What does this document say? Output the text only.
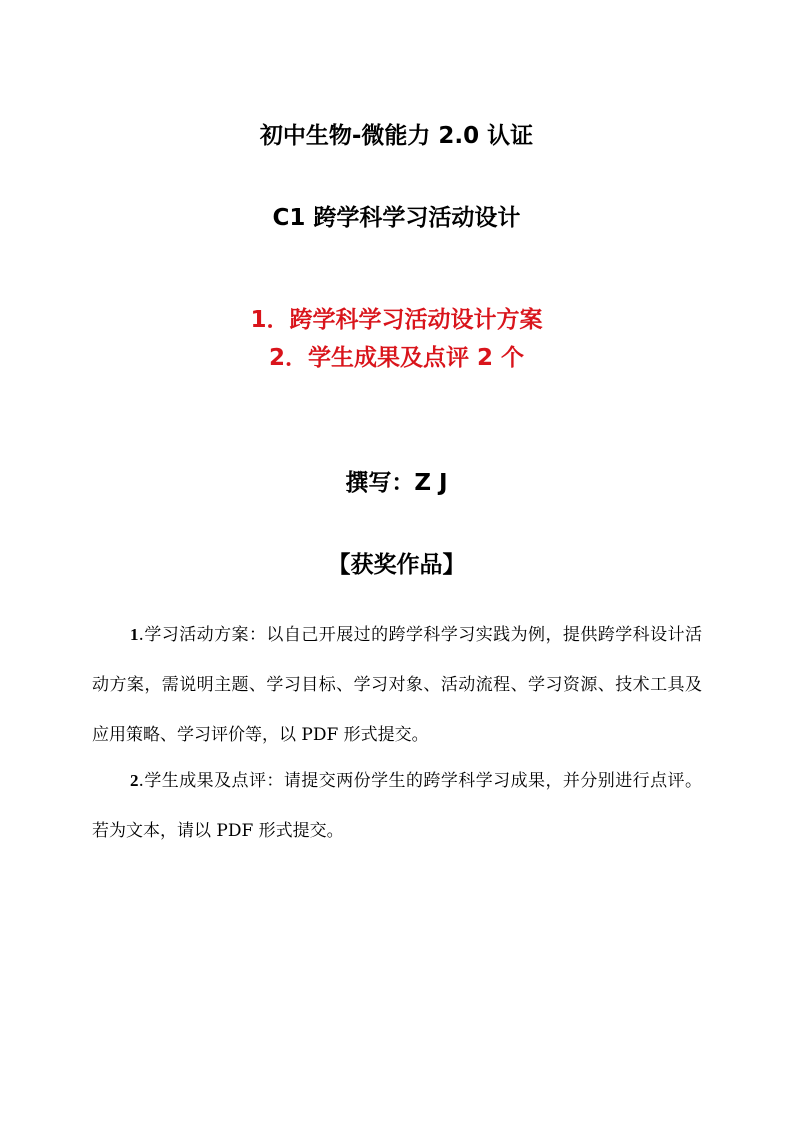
初中生物-微能力 2.0 认证
C1 跨学科学习活动设计
1．跨学科学习活动设计方案
2．学生成果及点评 2 个
撰写：Z J
【获奖作品】
1.学习活动方案：以自己开展过的跨学科学习实践为例，提供跨学科设计活动方案，需说明主题、学习目标、学习对象、活动流程、学习资源、技术工具及应用策略、学习评价等，以 PDF 形式提交。
2.学生成果及点评：请提交两份学生的跨学科学习成果，并分别进行点评。若为文本，请以 PDF 形式提交。
